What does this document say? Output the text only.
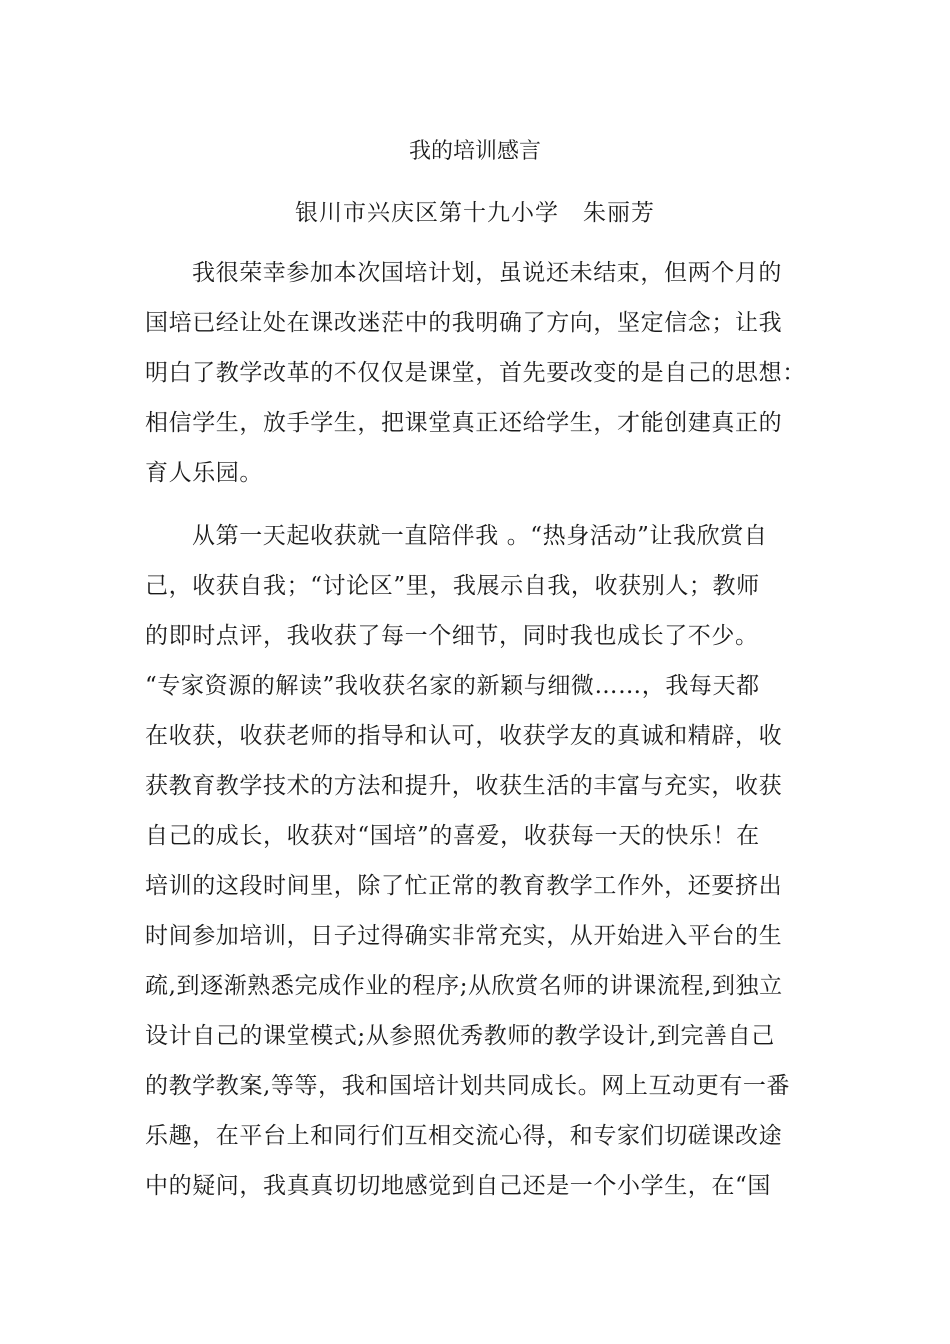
我的培训感言
银川市兴庆区第十九小学　朱丽芳
我很荣幸参加本次国培计划，虽说还未结束，但两个月的
国培已经让处在课改迷茫中的我明确了方向，坚定信念；让我
明白了教学改革的不仅仅是课堂，首先要改变的是自己的思想：
相信学生，放手学生，把课堂真正还给学生，才能创建真正的
育人乐园。
从第一天起收获就一直陪伴我 。“热身活动”让我欣赏自
己，收获自我；“讨论区”里，我展示自我，收获别人；教师
的即时点评，我收获了每一个细节，同时我也成长了不少。
“专家资源的解读”我收获名家的新颖与细微……，我每天都
在收获，收获老师的指导和认可，收获学友的真诚和精辟，收
获教育教学技术的方法和提升，收获生活的丰富与充实，收获
自己的成长，收获对“国培”的喜爱，收获每一天的快乐！在
培训的这段时间里，除了忙正常的教育教学工作外，还要挤出
时间参加培训，日子过得确实非常充实，从开始进入平台的生
疏,到逐渐熟悉完成作业的程序;从欣赏名师的讲课流程,到独立
设计自己的课堂模式;从参照优秀教师的教学设计,到完善自己
的教学教案,等等，我和国培计划共同成长。网上互动更有一番
乐趣，在平台上和同行们互相交流心得，和专家们切磋课改途
中的疑问，我真真切切地感觉到自己还是一个小学生，在“国
